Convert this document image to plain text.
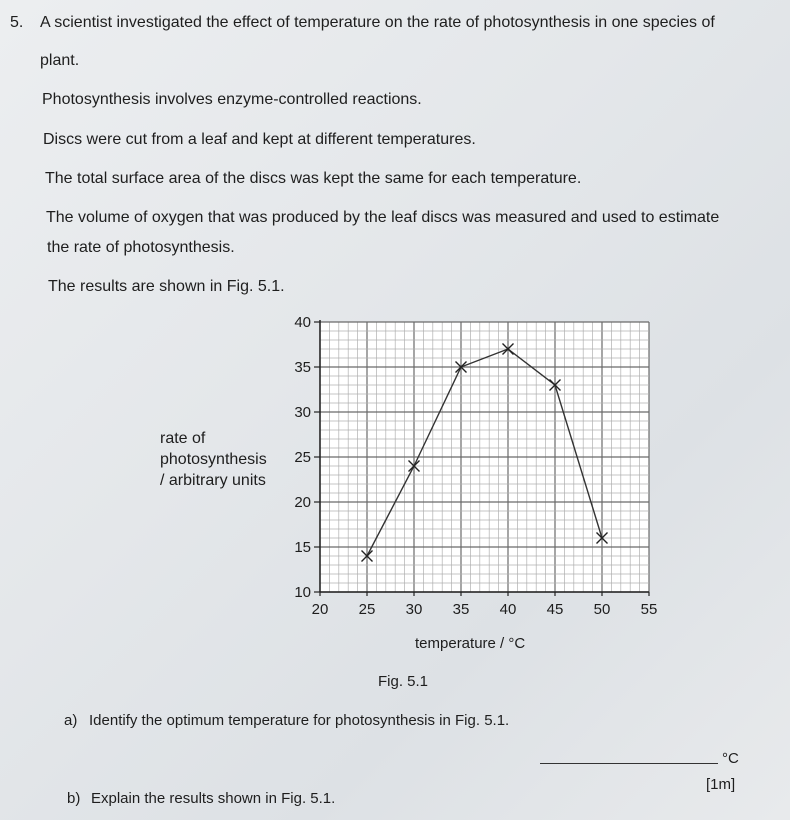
5. A scientist investigated the effect of temperature on the rate of photosynthesis in one species of
plant.
Photosynthesis involves enzyme-controlled reactions.
Discs were cut from a leaf and kept at different temperatures.
The total surface area of the discs was kept the same for each temperature.
The volume of oxygen that was produced by the leaf discs was measured and used to estimate
the rate of photosynthesis.
The results are shown in Fig. 5.1.
10
15
20
25
30
35
40
20 25 30 35 40 45 50 55
rate of
photosynthesis
/ arbitrary units
temperature / °C
Fig. 5.1
a) Identify the optimum temperature for photosynthesis in Fig. 5.1.
°C
[1m]
b) Explain the results shown in Fig. 5.1.
